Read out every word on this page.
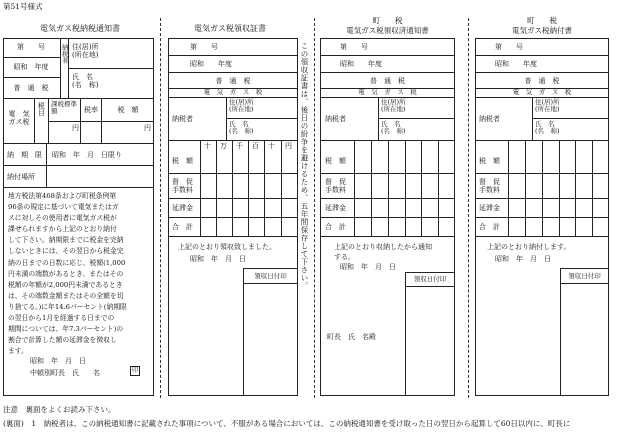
第51号様式
電気ガス税納税通知書
第　　号
昭和　年度
普　通　税
納税者 住(居)所
(所在地)
氏　名
(名　称)
電　気
ガス税
税目 課税標準　額	税率	税　額
円	円
納　期　限 昭和　年　月　日限り
納付場所
地方税法第468条および町税条例第
96条の規定に基づいて電気またはガ
スに対しその使用者に電気ガス税が
課せられますから上記のとおり納付
して下さい。納期限までに税金を完納
しないときには、その翌日から税金完
納の日までの日数に応じ、税額(1,000
円未満の端数があるとき、またはその
税額の年額が2,000円未満であるとき
は、その端数金額またはその全額を切
り捨てる。)に年14.6パーセント(納期限
の翌日から1月を経過する日までの
期間については、年7.3パーセント)の
割合で計算した額の延滞金を徴収し
ます。
昭和　年　月　日
中頓別町長　氏　　名	印
電気ガス税領収証書
第　　号
昭和　　年度
普　通　税
電　気　ガ　ス　税
納税者
住(居)所
(所在地)
氏　名
(名　称)
十 万 千 百 十 円
税　額
督　促
手数料
延滞金
合　計
上記のとおり領収致しました。
昭和　年　月　日
領収日付印	この領収証書は、後日の紛争を避けるため、五年間保存して下さい。
町　　税
電気ガス税領収済通知書
第　　号
昭和　　年度
普　通　税
電　気　ガ　ス　税
納税者
住(居)所
(所在地)
氏　名
(名　称)
税　額
督　促
手数料
延滞金
合　計
上記のとおり収納したから通知
する。
昭和　年　月　日
領収日付印
町長　氏　名殿
町　　税
電気ガス税納付書
第　　号
昭和　　年度
普　通　税
電　気　ガ　ス　税
納税者
住(居)所
(所在地)
氏　名
(名　称)
税　額
督　促
手数料
延滞金
合　計
上記のとおり納付します。
昭和　年　月　日
領収日付印
注意　裏面をよくお読み下さい。
(裏面)　1　納税者は、この納税通知書に記載された事項について、不服がある場合においては、この納税通知書を受け取った日の翌日から起算して60日以内に、町長に
